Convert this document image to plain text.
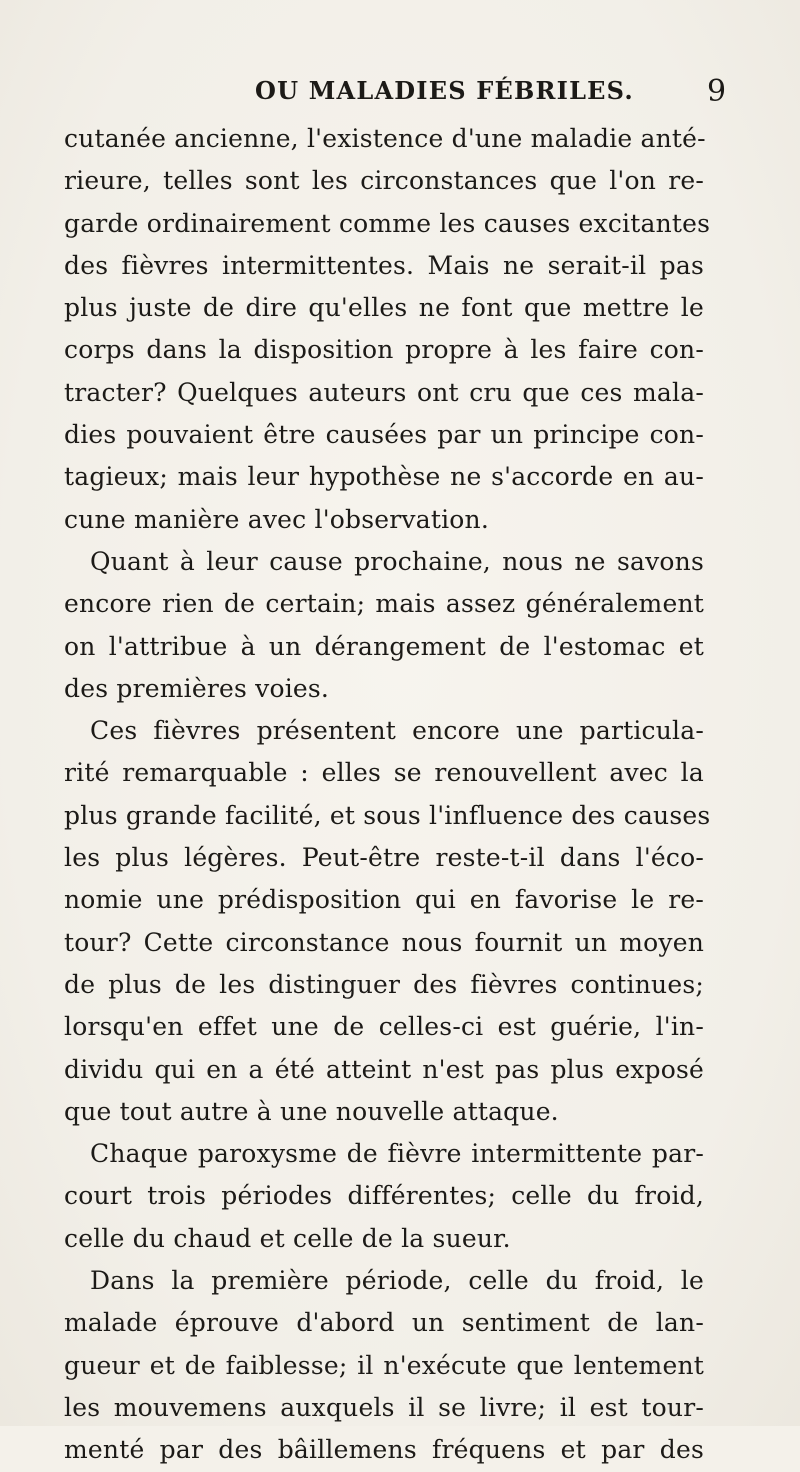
OU MALADIES FÉBRILES. 9
cutanée ancienne, l'existence d'une maladie anté-
rieure, telles sont les circonstances que l'on re-
garde ordinairement comme les causes excitantes
des fièvres intermittentes. Mais ne serait-il pas
plus juste de dire qu'elles ne font que mettre le
corps dans la disposition propre à les faire con-
tracter? Quelques auteurs ont cru que ces mala-
dies pouvaient être causées par un principe con-
tagieux; mais leur hypothèse ne s'accorde en au-
cune manière avec l'observation.
Quant à leur cause prochaine, nous ne savons
encore rien de certain; mais assez généralement
on l'attribue à un dérangement de l'estomac et
des premières voies.
Ces fièvres présentent encore une particula-
rité remarquable : elles se renouvellent avec la
plus grande facilité, et sous l'influence des causes
les plus légères. Peut-être reste-t-il dans l'éco-
nomie une prédisposition qui en favorise le re-
tour? Cette circonstance nous fournit un moyen
de plus de les distinguer des fièvres continues;
lorsqu'en effet une de celles-ci est guérie, l'in-
dividu qui en a été atteint n'est pas plus exposé
que tout autre à une nouvelle attaque.
Chaque paroxysme de fièvre intermittente par-
court trois périodes différentes; celle du froid,
celle du chaud et celle de la sueur.
Dans la première période, celle du froid, le
malade éprouve d'abord un sentiment de lan-
gueur et de faiblesse; il n'exécute que lentement
les mouvemens auxquels il se livre; il est tour-
menté par des bâillemens fréquens et par des
